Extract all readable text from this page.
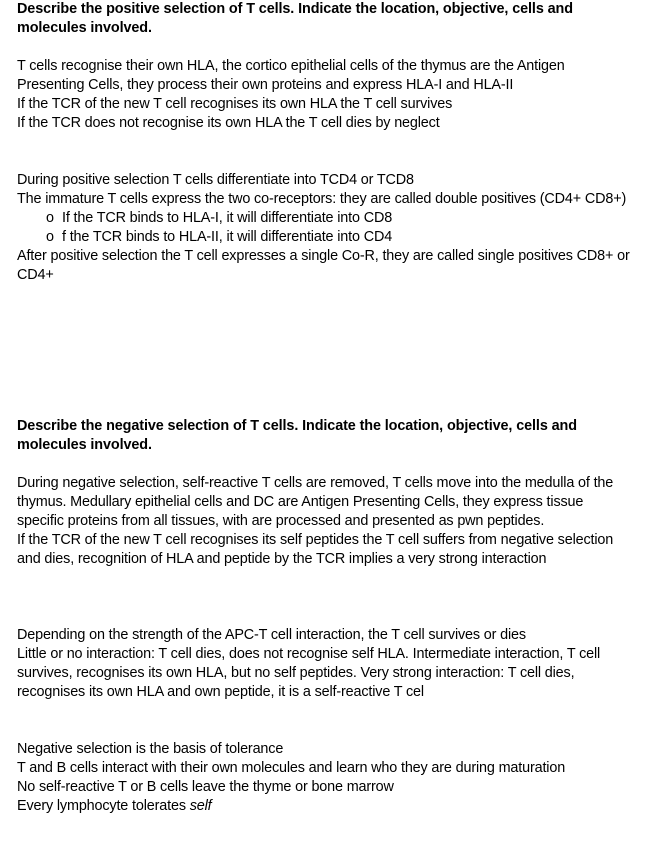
Describe the positive selection of T cells. Indicate the location, objective, cells and molecules involved.

T cells recognise their own HLA, the cortico epithelial cells of the thymus are the Antigen Presenting Cells, they process their own proteins and express HLA-I and HLA-II

If the TCR of the new T cell recognises its own HLA the T cell survives

If the TCR does not recognise its own HLA the T cell dies by neglect

During positive selection T cells differentiate into TCD4 or TCD8

The immature T cells express the two co-receptors: they are called double positives (CD4+ CD8+)

o If the TCR binds to HLA-I, it will differentiate into CD8
o f the TCR binds to HLA-II, it will differentiate into CD4

After positive selection the T cell expresses a single Co-R, they are called single positives CD8+ or CD4+

Describe the negative selection of T cells. Indicate the location, objective, cells and molecules involved.

During negative selection, self-reactive T cells are removed, T cells move into the medulla of the thymus. Medullary epithelial cells and DC are Antigen Presenting Cells, they express tissue specific proteins from all tissues, with are processed and presented as pwn peptides.

If the TCR of the new T cell recognises its self peptides the T cell suffers from negative selection and dies, recognition of HLA and peptide by the TCR implies a very strong interaction

Depending on the strength of the APC-T cell interaction, the T cell survives or dies

Little or no interaction: T cell dies, does not recognise self HLA. Intermediate interaction, T cell survives, recognises its own HLA, but no self peptides. Very strong interaction: T cell dies, recognises its own HLA and own peptide, it is a self-reactive T cel

Negative selection is the basis of tolerance

T and B cells interact with their own molecules and learn who they are during maturation

No self-reactive T or B cells leave the thyme or bone marrow

Every lymphocyte tolerates self
